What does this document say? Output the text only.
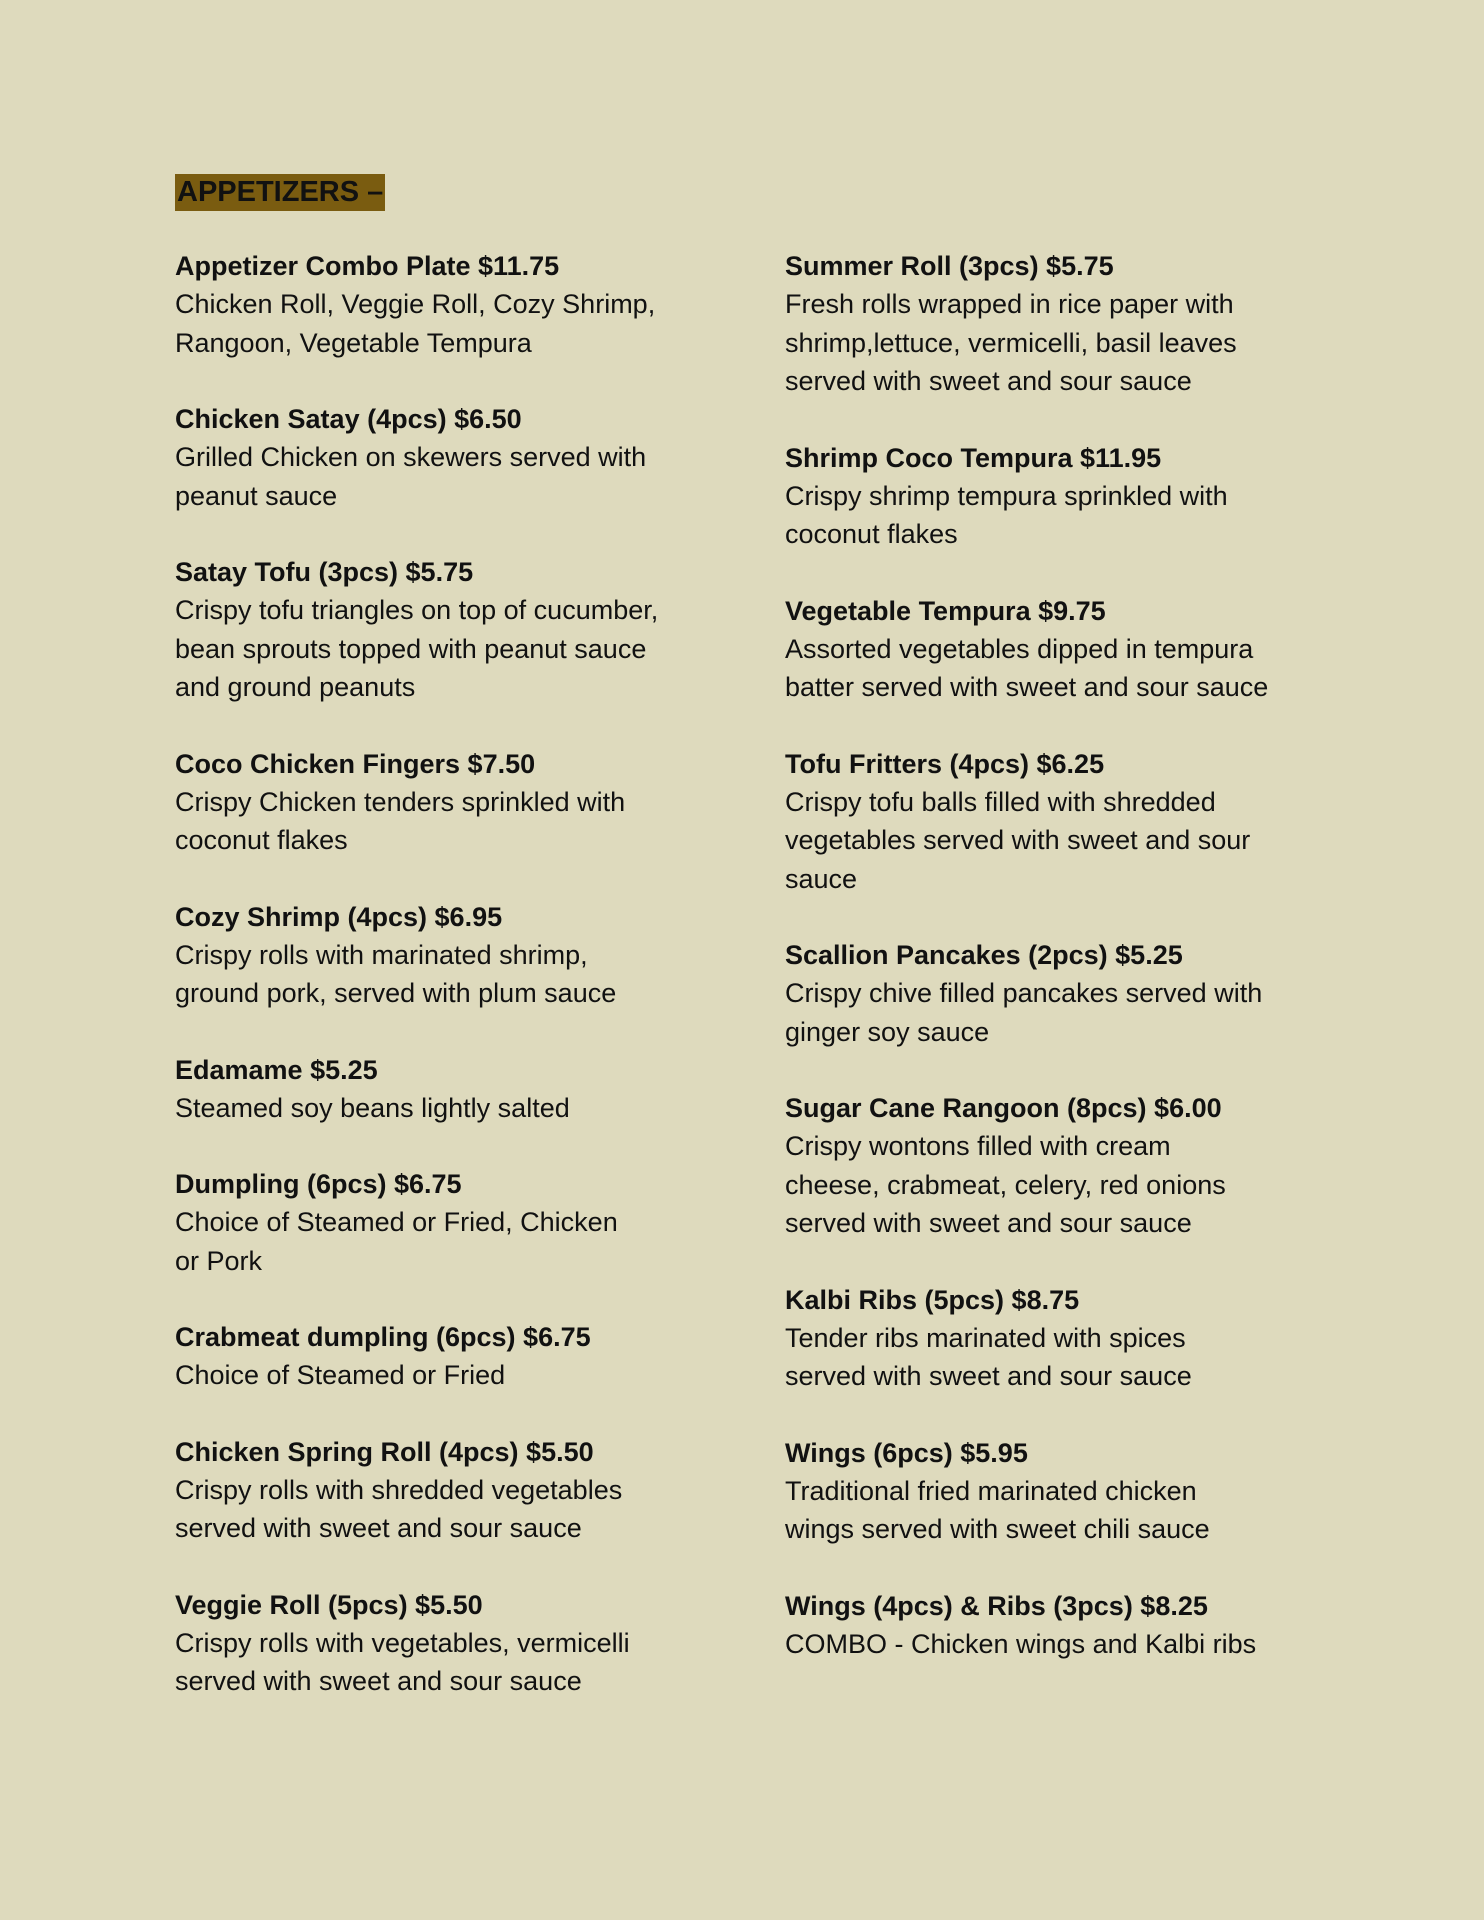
APPETIZERS –
Appetizer Combo Plate $11.75
Chicken Roll, Veggie Roll, Cozy Shrimp,
Rangoon, Vegetable Tempura
Chicken Satay (4pcs) $6.50
Grilled Chicken on skewers served with
peanut sauce
Satay Tofu (3pcs) $5.75
Crispy tofu triangles on top of cucumber,
bean sprouts topped with peanut sauce
and ground peanuts
Coco Chicken Fingers $7.50
Crispy Chicken tenders sprinkled with
coconut flakes
Cozy Shrimp (4pcs) $6.95
Crispy rolls with marinated shrimp,
ground pork, served with plum sauce
Edamame $5.25
Steamed soy beans lightly salted
Dumpling (6pcs) $6.75
Choice of Steamed or Fried, Chicken
or Pork
Crabmeat dumpling (6pcs) $6.75
Choice of Steamed or Fried
Chicken Spring Roll (4pcs) $5.50
Crispy rolls with shredded vegetables
served with sweet and sour sauce
Veggie Roll (5pcs) $5.50
Crispy rolls with vegetables, vermicelli
served with sweet and sour sauce
Summer Roll (3pcs) $5.75
Fresh rolls wrapped in rice paper with
shrimp,lettuce, vermicelli, basil leaves
served with sweet and sour sauce
Shrimp Coco Tempura $11.95
Crispy shrimp tempura sprinkled with
coconut flakes
Vegetable Tempura $9.75
Assorted vegetables dipped in tempura
batter served with sweet and sour sauce
Tofu Fritters (4pcs) $6.25
Crispy tofu balls filled with shredded
vegetables served with sweet and sour
sauce
Scallion Pancakes (2pcs) $5.25
Crispy chive filled pancakes served with
ginger soy sauce
Sugar Cane Rangoon (8pcs) $6.00
Crispy wontons filled with cream
cheese, crabmeat, celery, red onions
served with sweet and sour sauce
Kalbi Ribs (5pcs) $8.75
Tender ribs marinated with spices
served with sweet and sour sauce
Wings (6pcs) $5.95
Traditional fried marinated chicken
wings served with sweet chili sauce
Wings (4pcs) & Ribs (3pcs) $8.25
COMBO - Chicken wings and Kalbi ribs
